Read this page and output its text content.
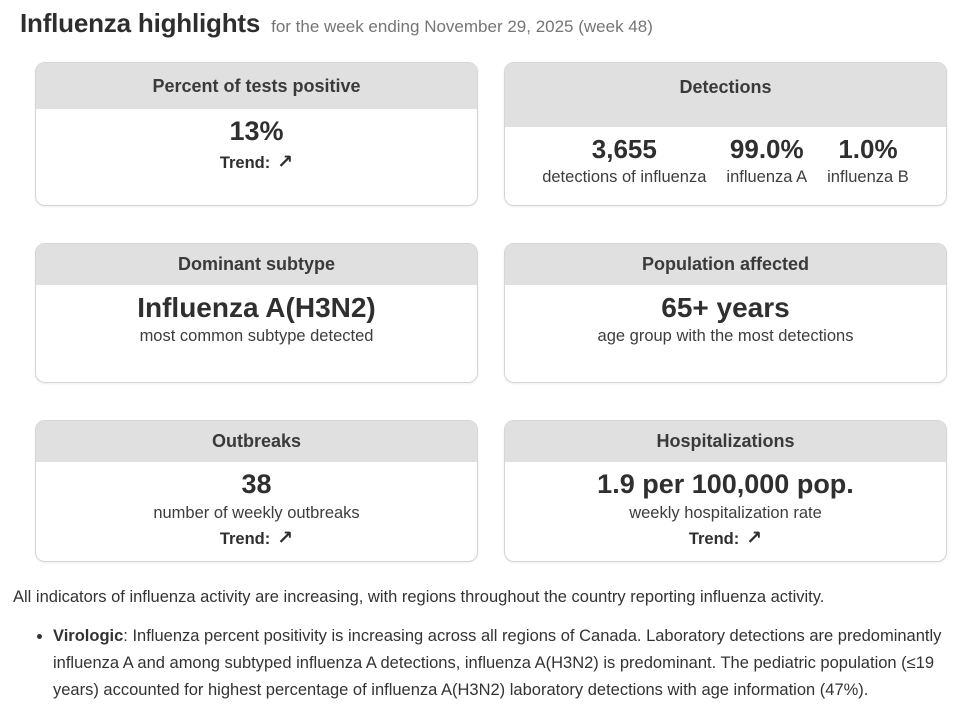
Influenza highlights for the week ending November 29, 2025 (week 48)
Percent of tests positive
13%
Trend: ↗
Detections
3,655
detections of influenza
99.0%
influenza A
1.0%
influenza B
Dominant subtype
Influenza A(H3N2)
most common subtype detected
Population affected
65+ years
age group with the most detections
Outbreaks
38
number of weekly outbreaks
Trend: ↗
Hospitalizations
1.9 per 100,000 pop.
weekly hospitalization rate
Trend: ↗

All indicators of influenza activity are increasing, with regions throughout the country reporting influenza activity.

• Virologic: Influenza percent positivity is increasing across all regions of Canada. Laboratory detections are predominantly influenza A and among subtyped influenza A detections, influenza A(H3N2) is predominant. The pediatric population (≤19 years) accounted for highest percentage of influenza A(H3N2) laboratory detections with age information (47%).
